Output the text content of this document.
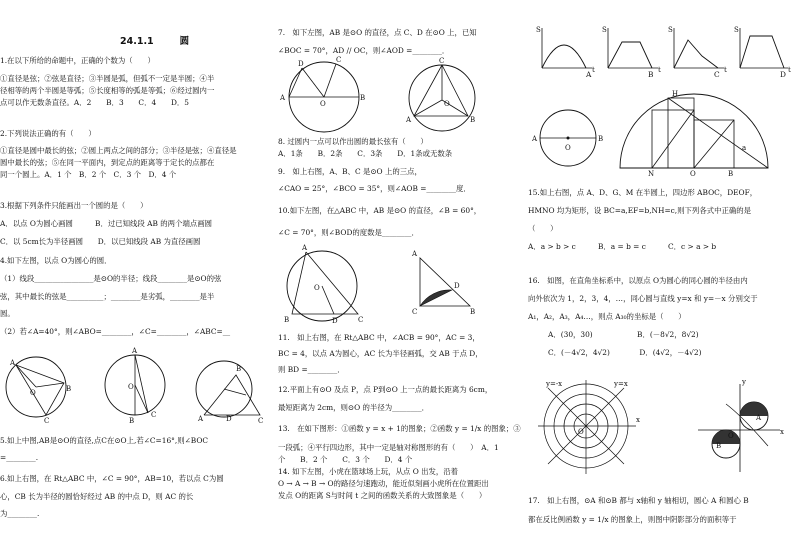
24.1.1	圆
1.在以下所给的命题中，正确的个数为（　　）
①直径是弦；②弦是直径；③半圆是弧，但弧不一定是半圆；④半
径相等的两个半圆是等弧；⑤长度相等的弧是等弧；⑥经过圆内一
点可以作无数条直径。A．2　　B．3　　C．4　　D．5
2.下列说法正确的有（　　）
①直径是圆中最长的弦；②圆上两点之间的部分；③半径是弦；④直径是
圆中最长的弦；⑤在同一平面内，到定点的距离等于定长的点都在
同一个圆上。A．1 个　B．2 个　C．3 个　D．4 个
3.根据下列条件只能画出一个圆的是（　　）
A．以点 O为圆心画圆　　　B．过已知线段 AB 的两个端点画圆
C．以 5cm长为半径画圆　　D．以已知线段 AB 为直径画圆
4.如下左图，以点 O为圆心的圆．
（1）线段________________是⊙O的半径；线段________是⊙O的弦
弦，其中最长的弦是__________；________是劣弧，________是半
圆。
（2）若∠A=40°，则∠ABO=________，∠C=________，∠ABC=__
A
O	B
C
A
O
B
C	A
B
C
D
5.如上中图,AB是⊙O的直径,点C在⊙O上,若∠C=16°,则∠BOC
=________.
6.如上右图，在 Rt△ABC 中，∠C = 90°，AB=10，若以点 C为圆
心，CB 长为半径的圆恰好经过 AB 的中点 D，则 AC 的长
为________.
7.　如下左图，AB 是⊙O 的直径，点 C、D 在⊙O 上，已知
∠BOC = 70°，AD // OC，则∠AOD =________．
A	B
O
D	C	C
A	B
O
8. 过圆内一点可以作出圆的最长弦有（　　）
A．1条　　B．2条　　C．3条　　D．1条或无数条
9.　如上右图，A、B、C 是⊙O 上的三点，
∠CAO = 25°，∠BCO = 35°，则∠AOB =________度．
10.如下左图，在△ABC 中，AB 是⊙O 的直径，∠B = 60°，
∠C = 70°，则∠BOD的度数是________．
A
B	C
O
D
A
C	B
D
11.　如上右图，在 Rt△ABC 中，∠ACB = 90°，AC = 3，
BC = 4，以点 A为圆心，AC 长为半径画弧，交 AB 于点 D，
则 BD =________．
12.平面上有⊙O 及点 P，点 P到⊙O 上一点的最长距离为 6cm，
最短距离为 2cm，则⊙O 的半径为________．
13.　在如下图形：①函数 y = x + 1的图象；②函数 y = 1/x 的图象；③
一段弧；④平行四边形，其中一定是轴对称图形的有（　　）　A．1
个　　B．2 个　　C．3 个　　D．4 个
14. 如下左图，小虎在篮球场上玩，从点 O 出发，沿着
O → A → B → O的路径匀速跑动，能近似刻画小虎所在位置距出
发点 O的距离 S与时间 t 之间的函数关系的大致图象是（　　）
S
t
S
t
S
t
S
t
A	B	C	D
A	B
O
N	O	B
H
a
15.如上右图，点 A、D、G、M 在半圆上，四边形 ABOC，DEOF，
HMNO 均为矩形，设 BC=a,EF=b,NH=c,则下列各式中正确的是
（　　）
A．a > b > c　　　B．a = b = c　　　C．c > a > b
16.　如图，在直角坐标系中，以原点 O为圆心的同心圆的半径由内
向外依次为 1，2，3，4，…，同心圆与直线 y=x 和 y=－x 分别交于
A₁，A₂，A₃，A₄…，则点 A₃₀的坐标是（　　）
A．(30，30)　　　　　　B．(－8√2，8√2)
C．(－4√2，4√2)　　　　D．(4√2，－4√2)
y=-x	y=x
x
O
y
x
O
A
B
17.　如上右图，⊙A 和⊙B 都与 x轴和 y 轴相切，圆心 A 和圆心 B
都在反比例函数 y = 1/x 的图象上，则图中阴影部分的面积等于
